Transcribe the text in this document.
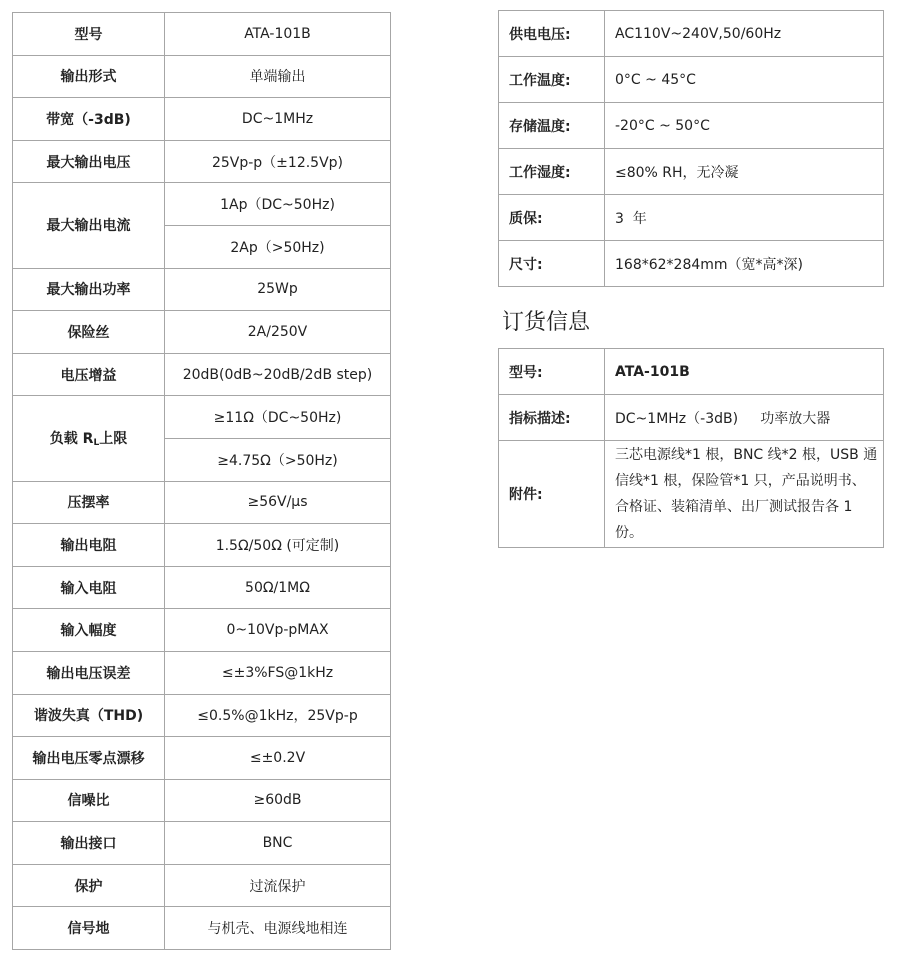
型号	ATA-101B
输出形式	单端输出
带宽（-3dB)	DC~1MHz
最大输出电压	25Vp-p（±12.5Vp)
最大输出电流	1Ap（DC~50Hz)
	2Ap（>50Hz)
最大输出功率	25Wp
保险丝	2A/250V
电压增益	20dB(0dB~20dB/2dB step)
负载 $R_L$上限	≥11Ω（DC~50Hz)
	≥4.75Ω（>50Hz)
压摆率	≥56V/μs
输出电阻	1.5Ω/50Ω (可定制)
输入电阻	50Ω/1MΩ
输入幅度	0~10Vp-pMAX
输出电压误差	≤±3%FS@1kHz
谐波失真（THD)	≤0.5%@1kHz，25Vp-p
输出电压零点漂移	≤±0.2V
信噪比	≥60dB
输出接口	BNC
保护	过流保护
信号地	与机壳、电源线地相连
供电电压:	AC110V~240V,50/60Hz
工作温度:	0°C ~ 45°C
存储温度:	-20°C ~ 50°C
工作湿度:	≤80% RH，无冷凝
质保:	3  年
尺寸:	168*62*284mm（宽*高*深)
订货信息
型号:	ATA-101B
指标描述:	DC~1MHz（-3dB)     功率放大器
附件:	三芯电源线*1 根，BNC 线*2 根，USB 通
信线*1 根，保险管*1 只，产品说明书、
合格证、装箱清单、出厂测试报告各 1 份。
